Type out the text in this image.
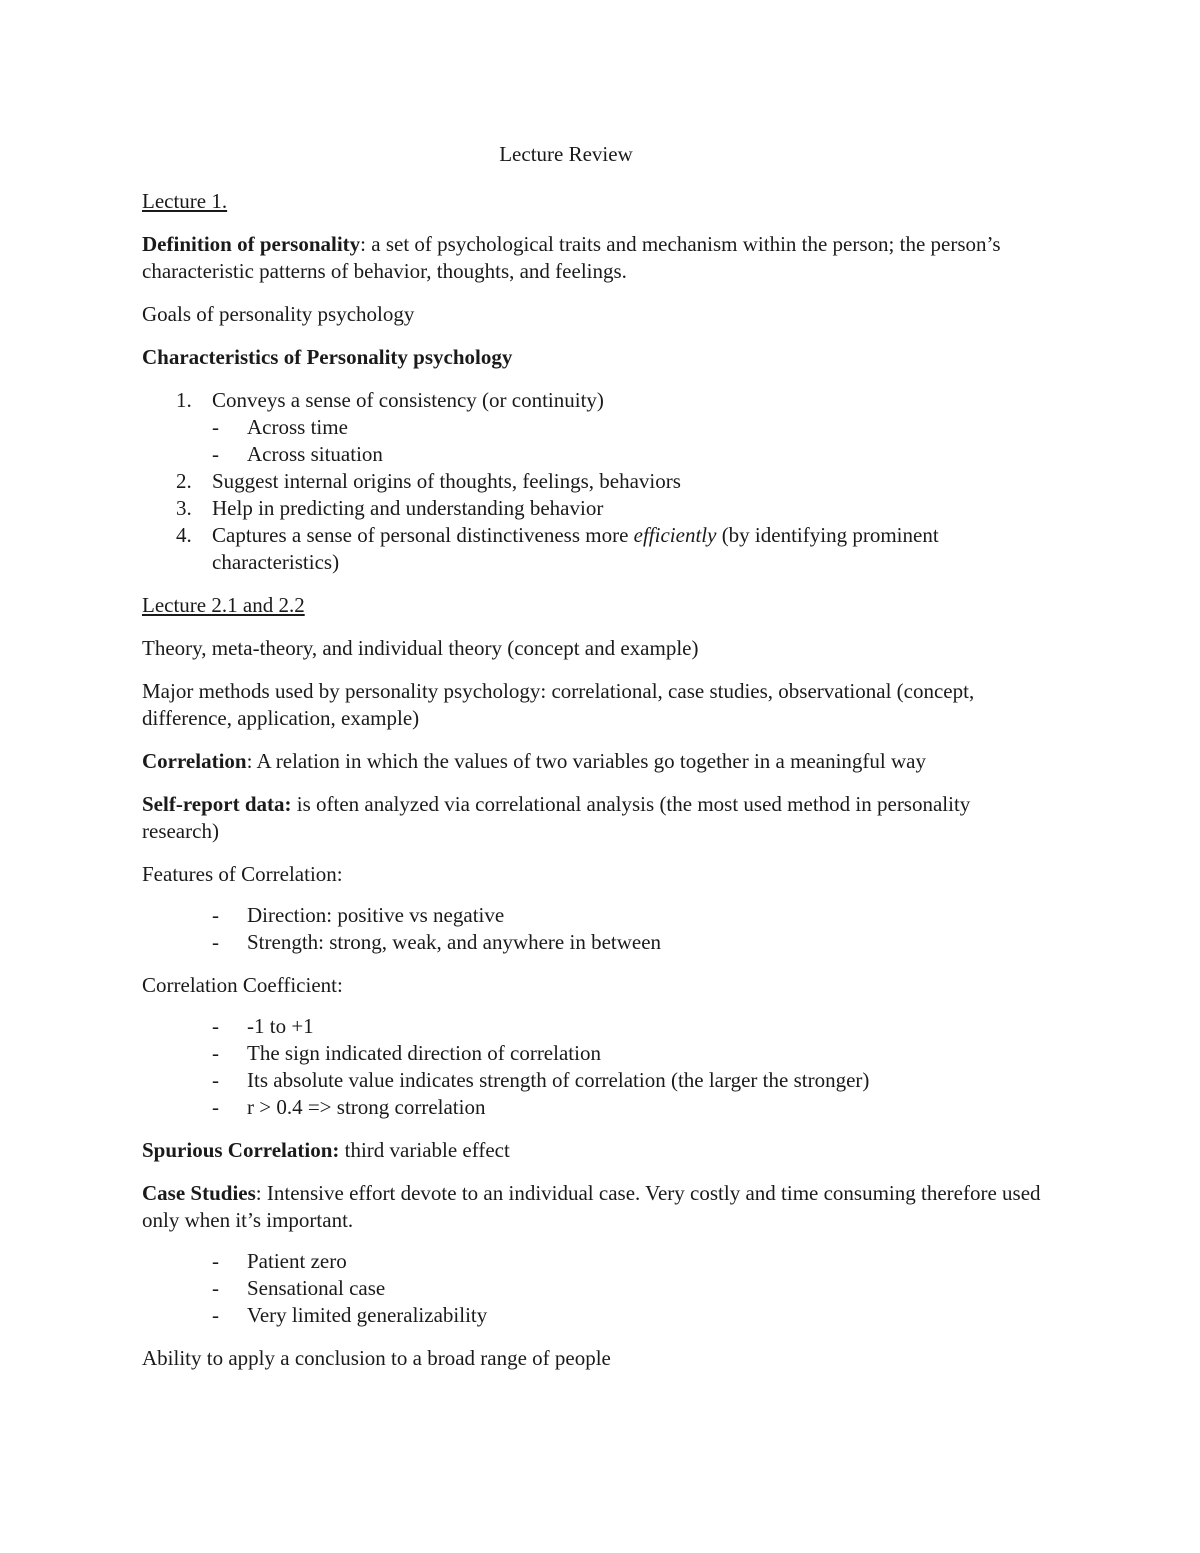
Lecture Review

Lecture 1.

Definition of personality: a set of psychological traits and mechanism within the person; the person’s characteristic patterns of behavior, thoughts, and feelings.

Goals of personality psychology

Characteristics of Personality psychology

1. Conveys a sense of consistency (or continuity)
- Across time
- Across situation
2. Suggest internal origins of thoughts, feelings, behaviors
3. Help in predicting and understanding behavior
4. Captures a sense of personal distinctiveness more efficiently (by identifying prominent characteristics)

Lecture 2.1 and 2.2

Theory, meta-theory, and individual theory (concept and example)

Major methods used by personality psychology: correlational, case studies, observational (concept, difference, application, example)

Correlation: A relation in which the values of two variables go together in a meaningful way

Self-report data: is often analyzed via correlational analysis (the most used method in personality research)

Features of Correlation:

- Direction: positive vs negative
- Strength: strong, weak, and anywhere in between

Correlation Coefficient:

- -1 to +1
- The sign indicated direction of correlation
- Its absolute value indicates strength of correlation (the larger the stronger)
- r > 0.4 => strong correlation

Spurious Correlation: third variable effect

Case Studies: Intensive effort devote to an individual case. Very costly and time consuming therefore used only when it’s important.

- Patient zero
- Sensational case
- Very limited generalizability

Ability to apply a conclusion to a broad range of people
